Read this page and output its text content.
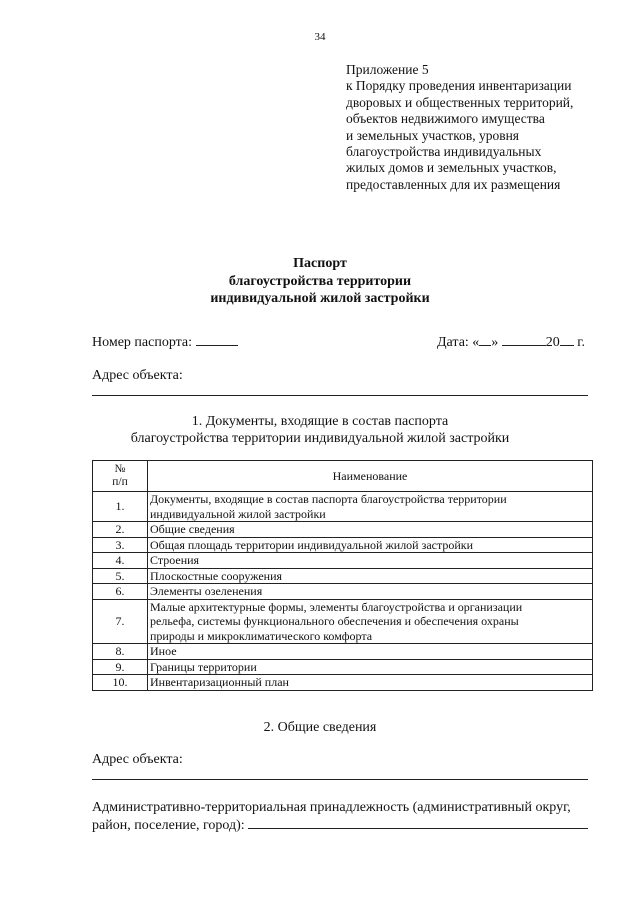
34
Приложение 5
к Порядку проведения инвентаризации
дворовых и общественных территорий,
объектов недвижимого имущества
и земельных участков, уровня
благоустройства индивидуальных
жилых домов и земельных участков,
предоставленных для их размещения
Паспорт
благоустройства территории
индивидуальной жилой застройки
Номер паспорта:	Дата: « »	20 г.
Адрес объекта:
1. Документы, входящие в состав паспорта
благоустройства территории индивидуальной жилой застройки
№
п/п	Наименование
1.	Документы, входящие в состав паспорта благоустройства территории
индивидуальной жилой застройки

2.	Общие сведения
3.	Общая площадь территории индивидуальной жилой застройки
4.	Строения
5.	Плоскостные сооружения
6.	Элементы озеленения
7.	Малые архитектурные формы, элементы благоустройства и организации
рельефа, системы функционального обеспечения и обеспечения охраны
природы и микроклиматического комфорта

8.	Иное
9.	Границы территории
10.	Инвентаризационный план
2. Общие сведения
Адрес объекта:
Административно-территориальная принадлежность (административный округ,
район, поселение, город):
